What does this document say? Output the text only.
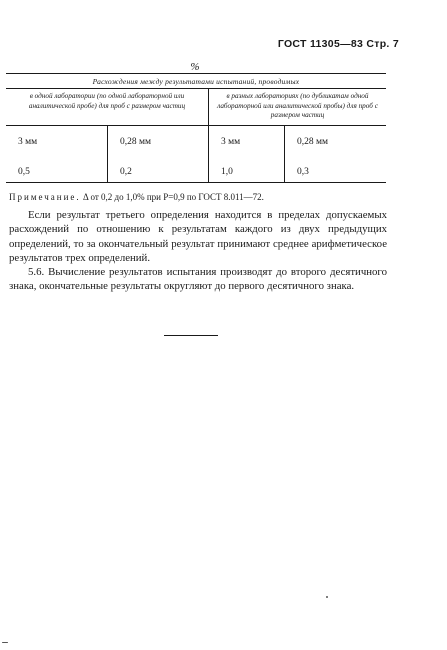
ГОСТ 11305—83 Стр. 7
%
Расхождения между результатами испытаний, проводимых
в одной лаборатории (по одной лабораторной или аналитической пробе) для проб с размером частиц
в разных лабораториях (по дубликатам одной лабораторной или аналитической пробы) для проб с размером частиц
3 мм	0,28 мм	3 мм	0,28 мм
0,5	0,2	1,0	0,3
Примечание. Δ от 0,2 до 1,0% при P=0,9 по ГОСТ 8.011—72.

Если результат третьего определения находится в пределах допускаемых расхождений по отношению к результатам каждого из двух предыдущих определений, то за окончательный результат принимают среднее арифметическое результатов трех определений.

5.6. Вычисление результатов испытания производят до второго десятичного знака, окончательные результаты округляют до первого десятичного знака.
